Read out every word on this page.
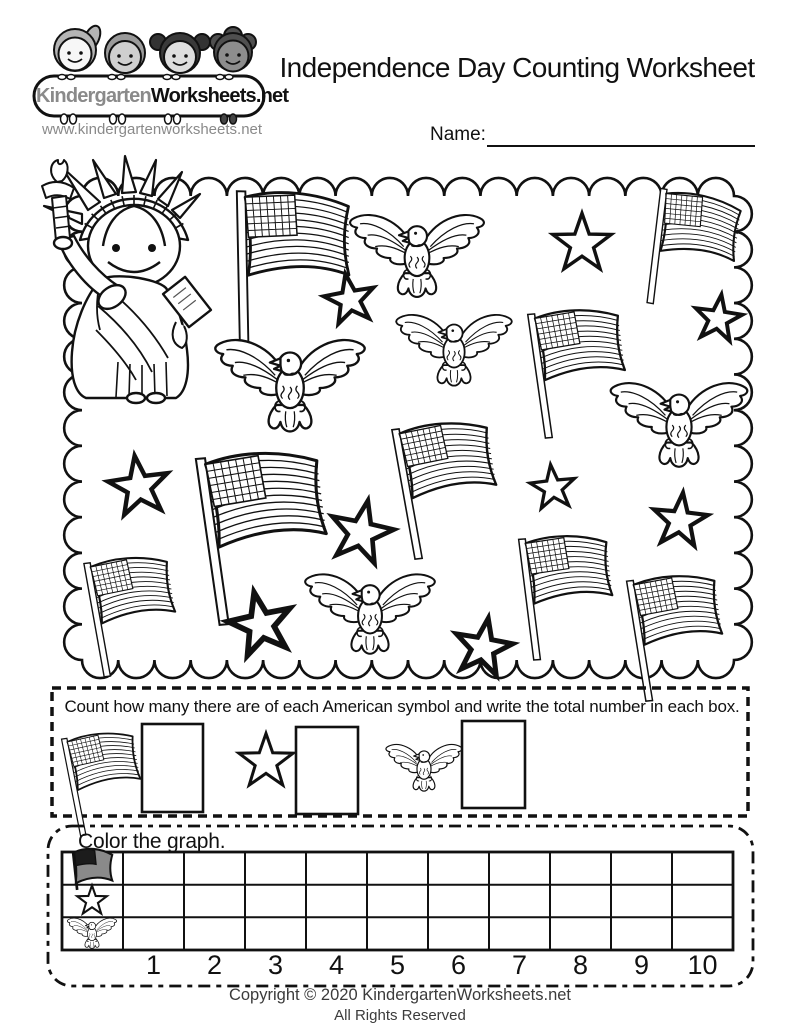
KindergartenWorksheets.net
www.kindergartenworksheets.net
Independence Day Counting Worksheet
Name:
Count how many there are of each American symbol and write the total number in each box.
Color the graph.
1	2	3	4	5	6	7	8	9	10
Copyright © 2020 KindergartenWorksheets.net
All Rights Reserved
